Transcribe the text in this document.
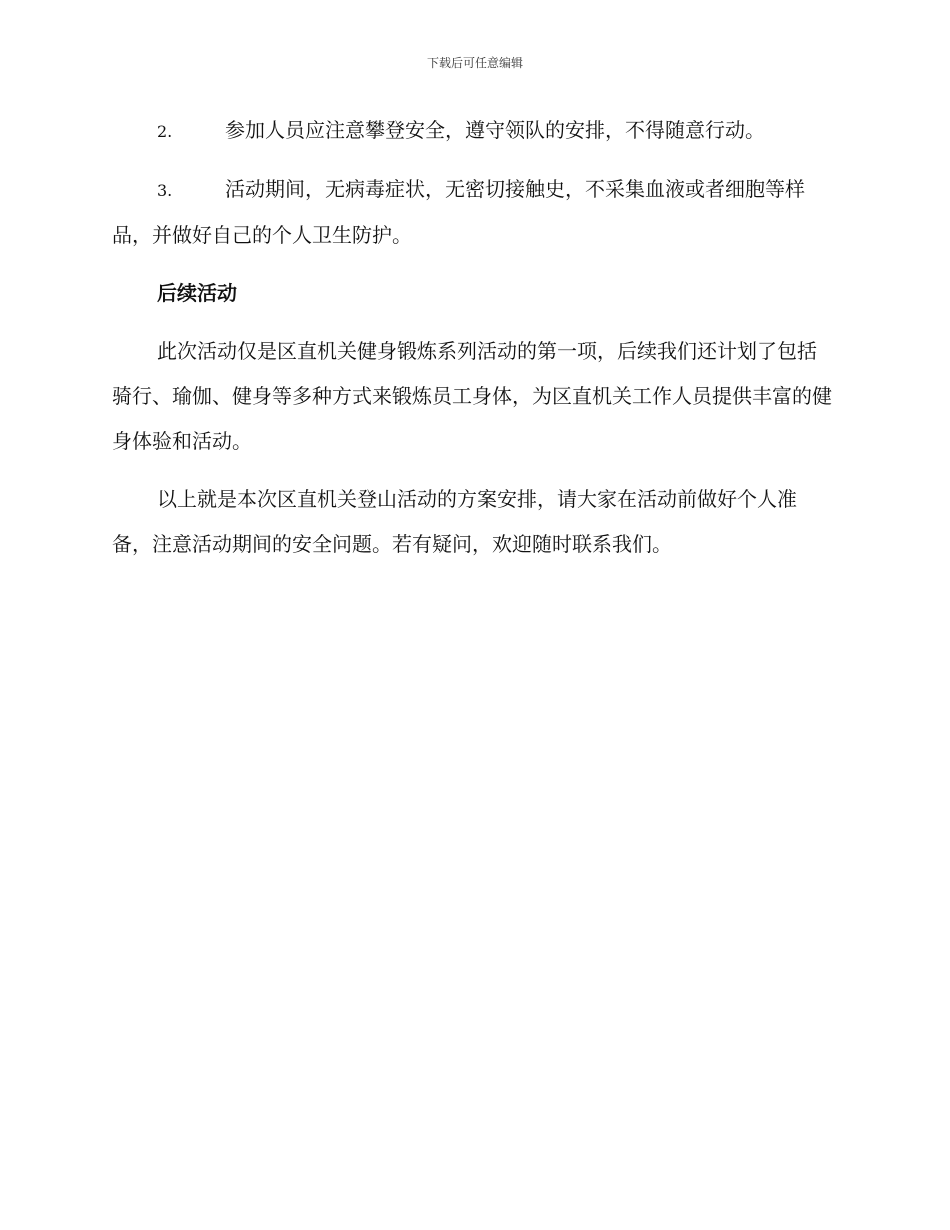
下载后可任意编辑

2.	参加人员应注意攀登安全，遵守领队的安排，不得随意行动。

3.	活动期间，无病毒症状，无密切接触史，不采集血液或者细胞等样品，并做好自己的个人卫生防护。

后续活动

此次活动仅是区直机关健身锻炼系列活动的第一项，后续我们还计划了包括骑行、瑜伽、健身等多种方式来锻炼员工身体，为区直机关工作人员提供丰富的健身体验和活动。

以上就是本次区直机关登山活动的方案安排，请大家在活动前做好个人准备，注意活动期间的安全问题。若有疑问，欢迎随时联系我们。
